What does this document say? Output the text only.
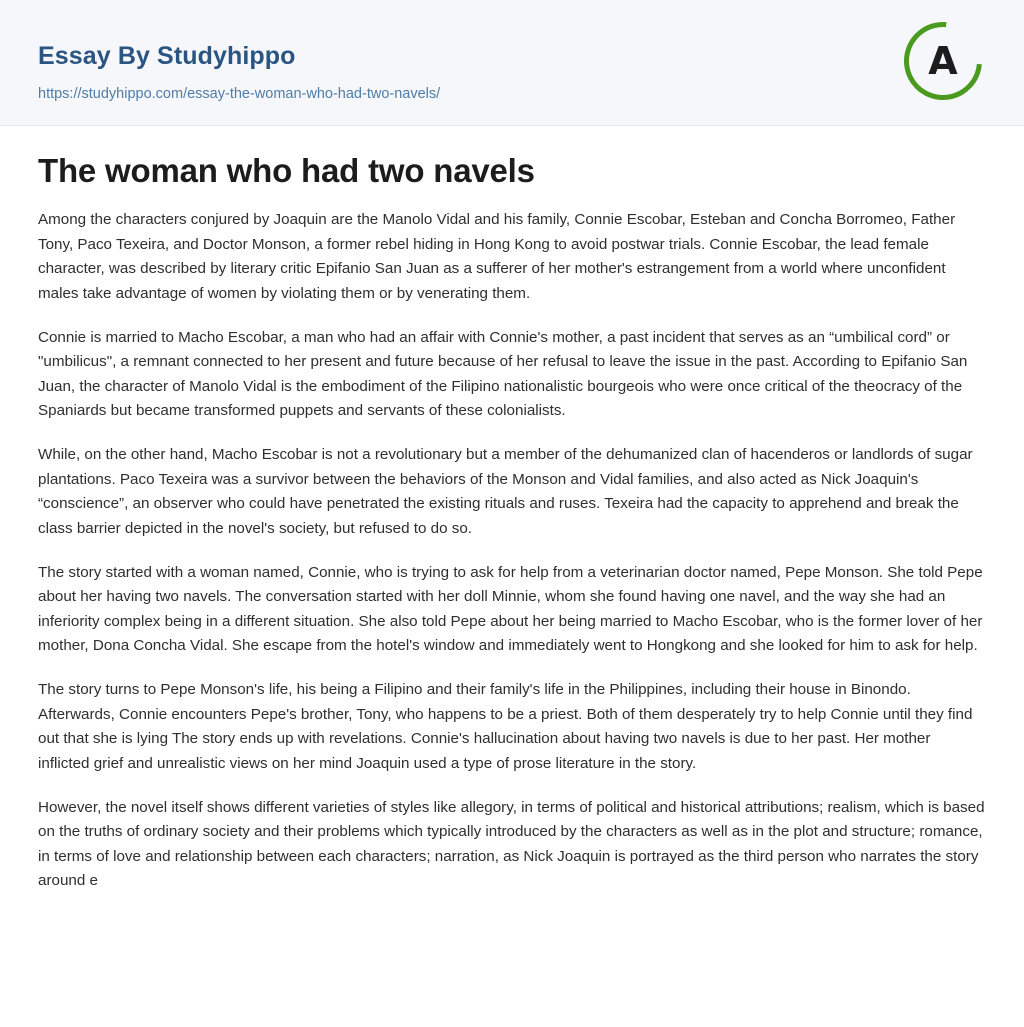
Essay By Studyhippo
https://studyhippo.com/essay-the-woman-who-had-two-navels/
A
The woman who had two navels

Among the characters conjured by Joaquin are the Manolo Vidal and his family, Connie Escobar, Esteban and Concha Borromeo, Father Tony, Paco Texeira, and Doctor Monson, a former rebel hiding in Hong Kong to avoid postwar trials. Connie Escobar, the lead female character, was described by literary critic Epifanio San Juan as a sufferer of her mother's estrangement from a world where unconfident males take advantage of women by violating them or by venerating them.

Connie is married to Macho Escobar, a man who had an affair with Connie's mother, a past incident that serves as an “umbilical cord” or "umbilicus", a remnant connected to her present and future because of her refusal to leave the issue in the past. According to Epifanio San Juan, the character of Manolo Vidal is the embodiment of the Filipino nationalistic bourgeois who were once critical of the theocracy of the Spaniards but became transformed puppets and servants of these colonialists.

While, on the other hand, Macho Escobar is not a revolutionary but a member of the dehumanized clan of hacenderos or landlords of sugar plantations. Paco Texeira was a survivor between the behaviors of the Monson and Vidal families, and also acted as Nick Joaquin's “conscience”, an observer who could have penetrated the existing rituals and ruses. Texeira had the capacity to apprehend and break the class barrier depicted in the novel's society, but refused to do so.

The story started with a woman named, Connie, who is trying to ask for help from a veterinarian doctor named, Pepe Monson. She told Pepe about her having two navels. The conversation started with her doll Minnie, whom she found having one navel, and the way she had an inferiority complex being in a different situation. She also told Pepe about her being married to Macho Escobar, who is the former lover of her mother, Dona Concha Vidal. She escape from the hotel's window and immediately went to Hongkong and she looked for him to ask for help.

The story turns to Pepe Monson's life, his being a Filipino and their family's life in the Philippines, including their house in Binondo. Afterwards, Connie encounters Pepe's brother, Tony, who happens to be a priest. Both of them desperately try to help Connie until they find out that she is lying The story ends up with revelations. Connie's hallucination about having two navels is due to her past. Her mother inflicted grief and unrealistic views on her mind Joaquin used a type of prose literature in the story.

However, the novel itself shows different varieties of styles like allegory, in terms of political and historical attributions; realism, which is based on the truths of ordinary society and their problems which typically introduced by the characters as well as in the plot and structure; romance, in terms of love and relationship between each characters; narration, as Nick Joaquin is portrayed as the third person who narrates the story around e
